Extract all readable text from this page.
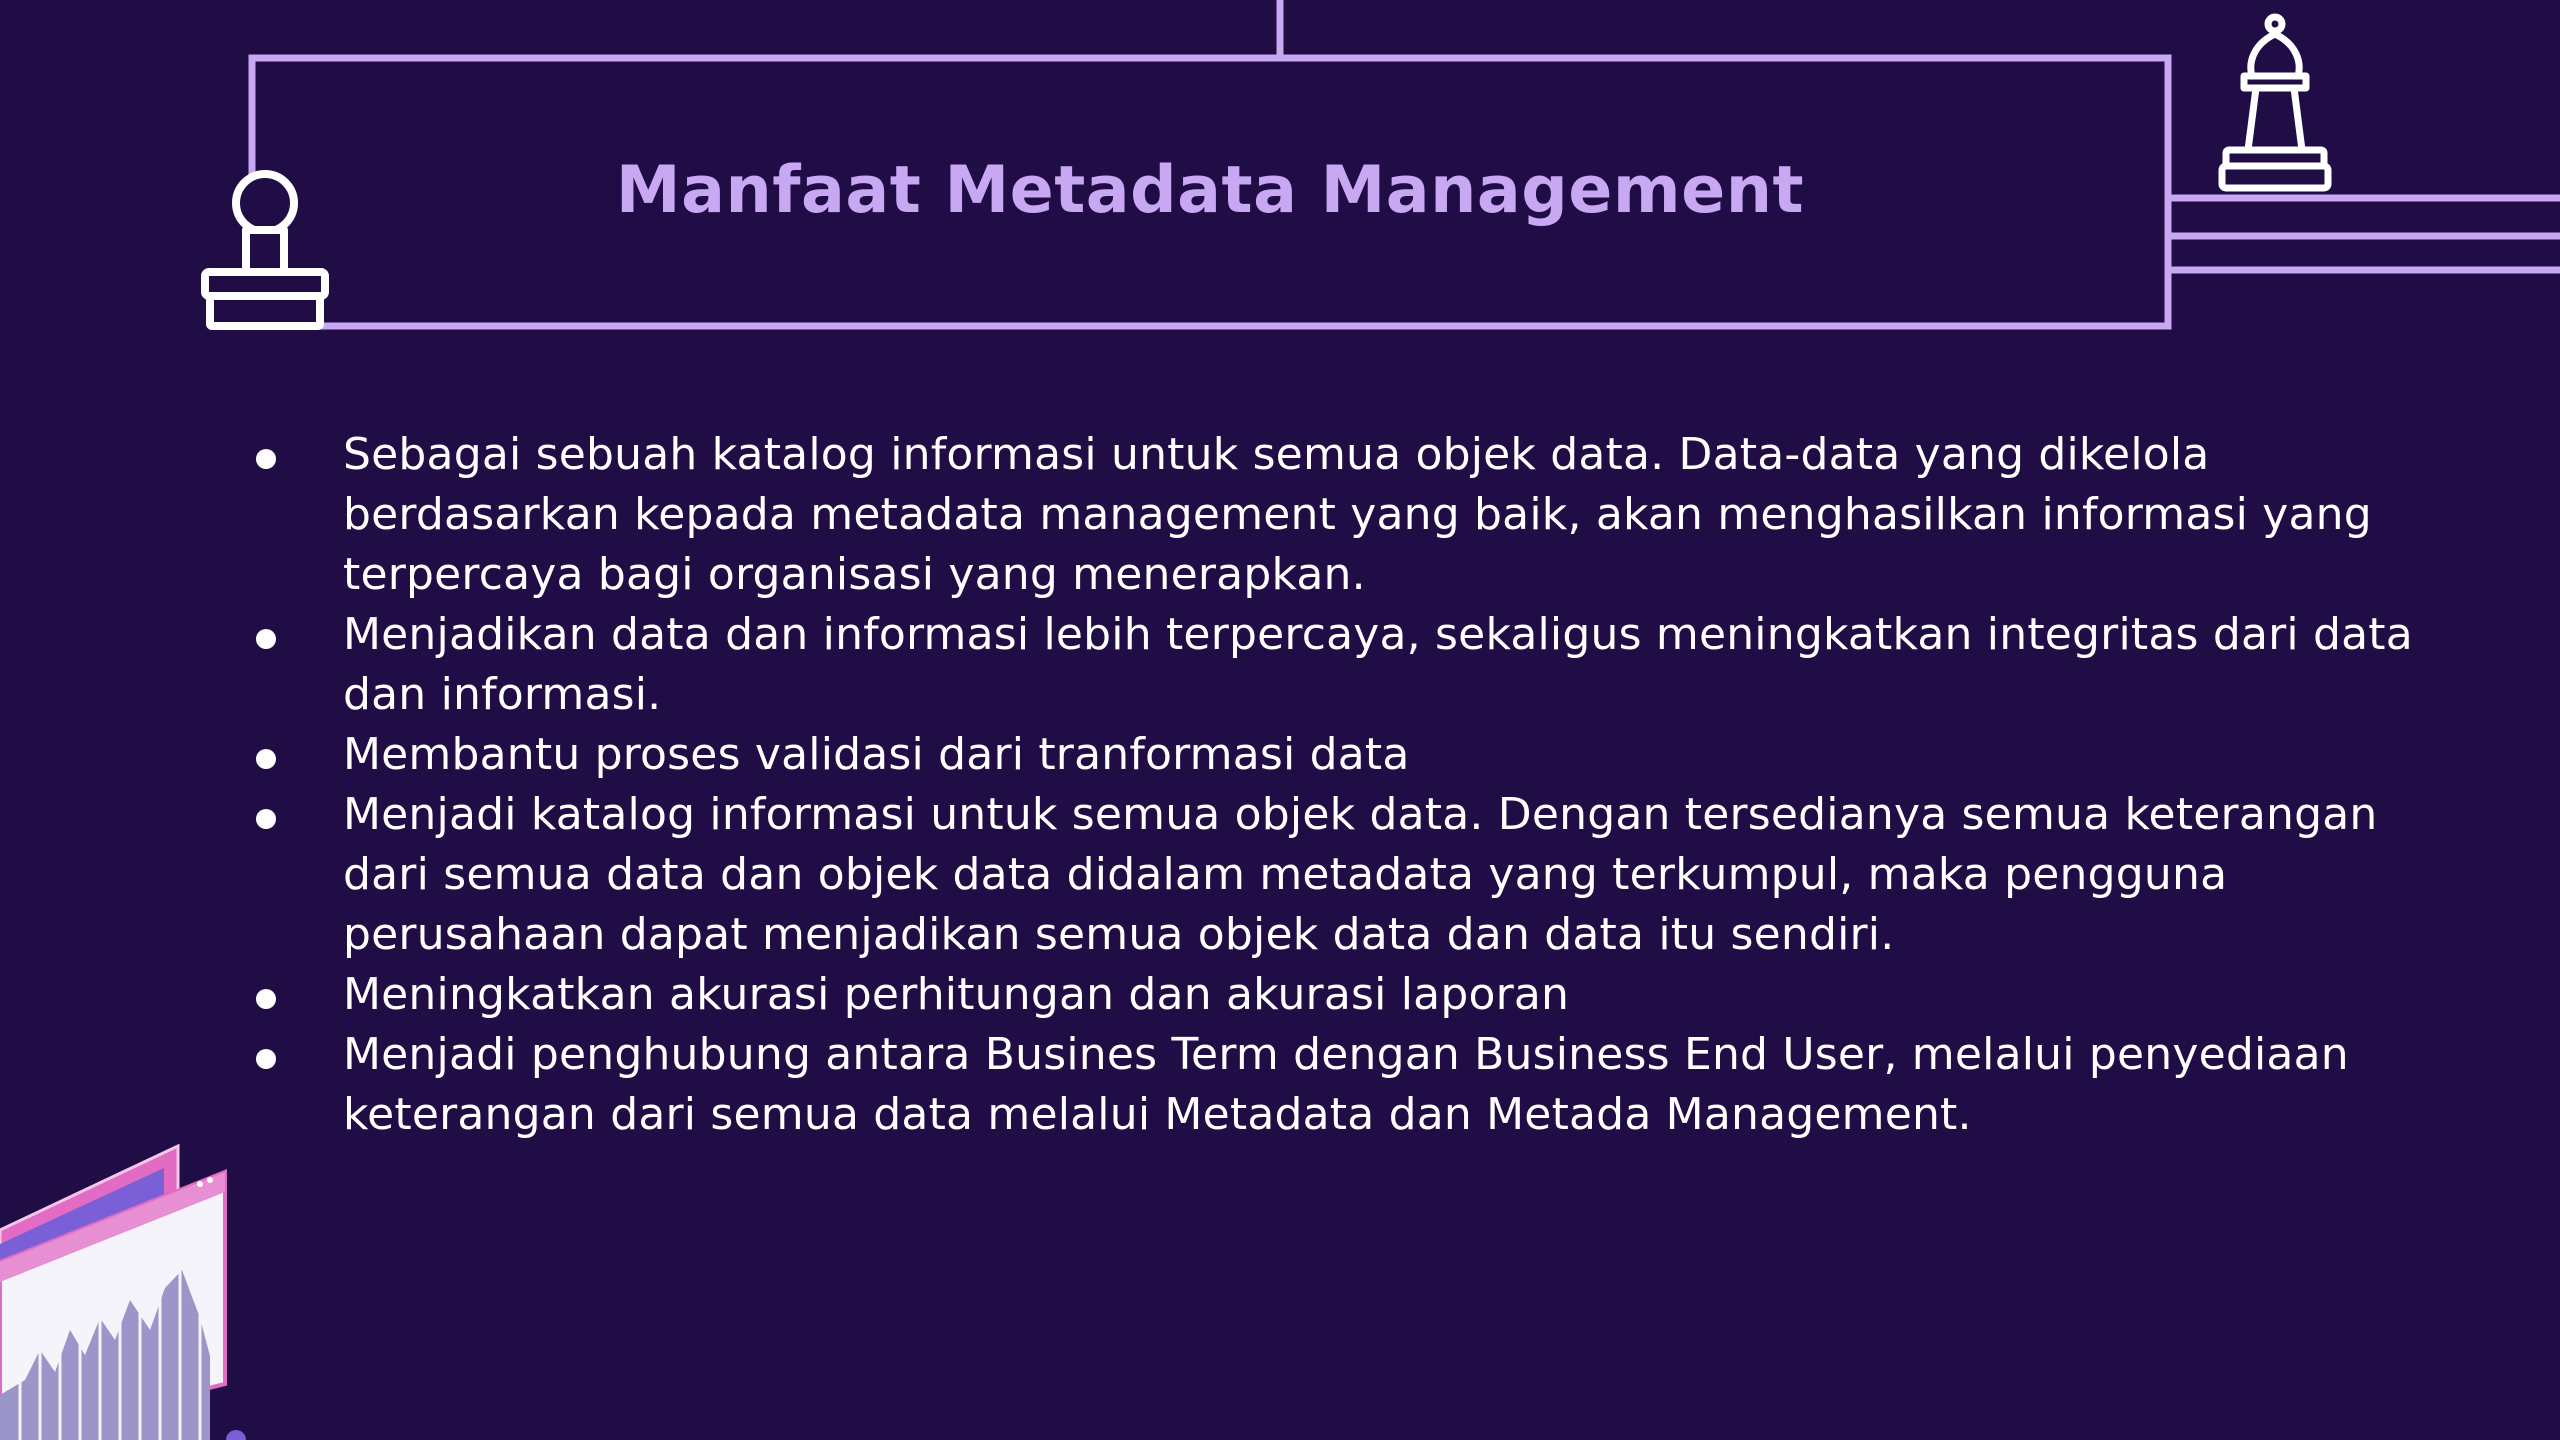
Manfaat Metadata Management
Sebagai sebuah katalog informasi untuk semua objek data. Data-data yang dikelola berdasarkan kepada metadata management yang baik, akan menghasilkan informasi yang terpercaya bagi organisasi yang menerapkan.
Menjadikan data dan informasi lebih terpercaya, sekaligus meningkatkan integritas dari data dan informasi.
Membantu proses validasi dari tranformasi data
Menjadi katalog informasi untuk semua objek data. Dengan tersedianya semua keterangan dari semua data dan objek data didalam metadata yang terkumpul, maka pengguna perusahaan dapat menjadikan semua objek data dan data itu sendiri.
Meningkatkan akurasi perhitungan dan akurasi laporan
Menjadi penghubung antara Busines Term dengan Business End User, melalui penyediaan keterangan dari semua data melalui Metadata dan Metada Management.
